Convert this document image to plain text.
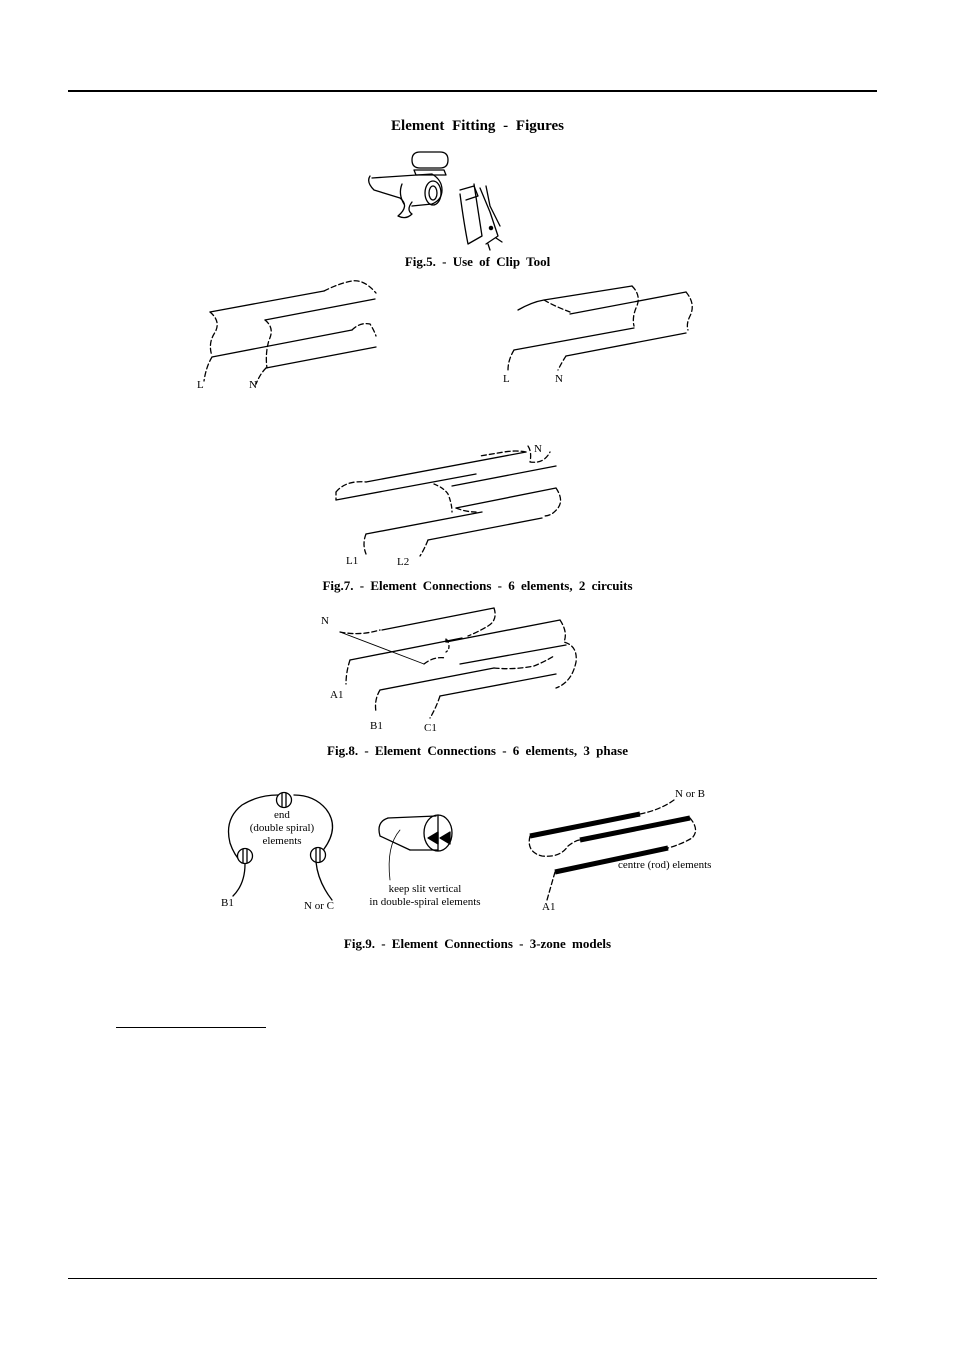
Element Fitting - Figures
Fig.5. - Use of Clip Tool
L	N	L	N
N
L1	L2
Fig.7. - Element Connections - 6 elements, 2 circuits
N
A1
B1	C1
Fig.8. - Element Connections - 6 elements, 3 phase
end
(double spiral)
elements
B1	N or C
keep slit vertical
in double-spiral elements
N or B
centre (rod) elements
A1
Fig.9. - Element Connections - 3-zone models
